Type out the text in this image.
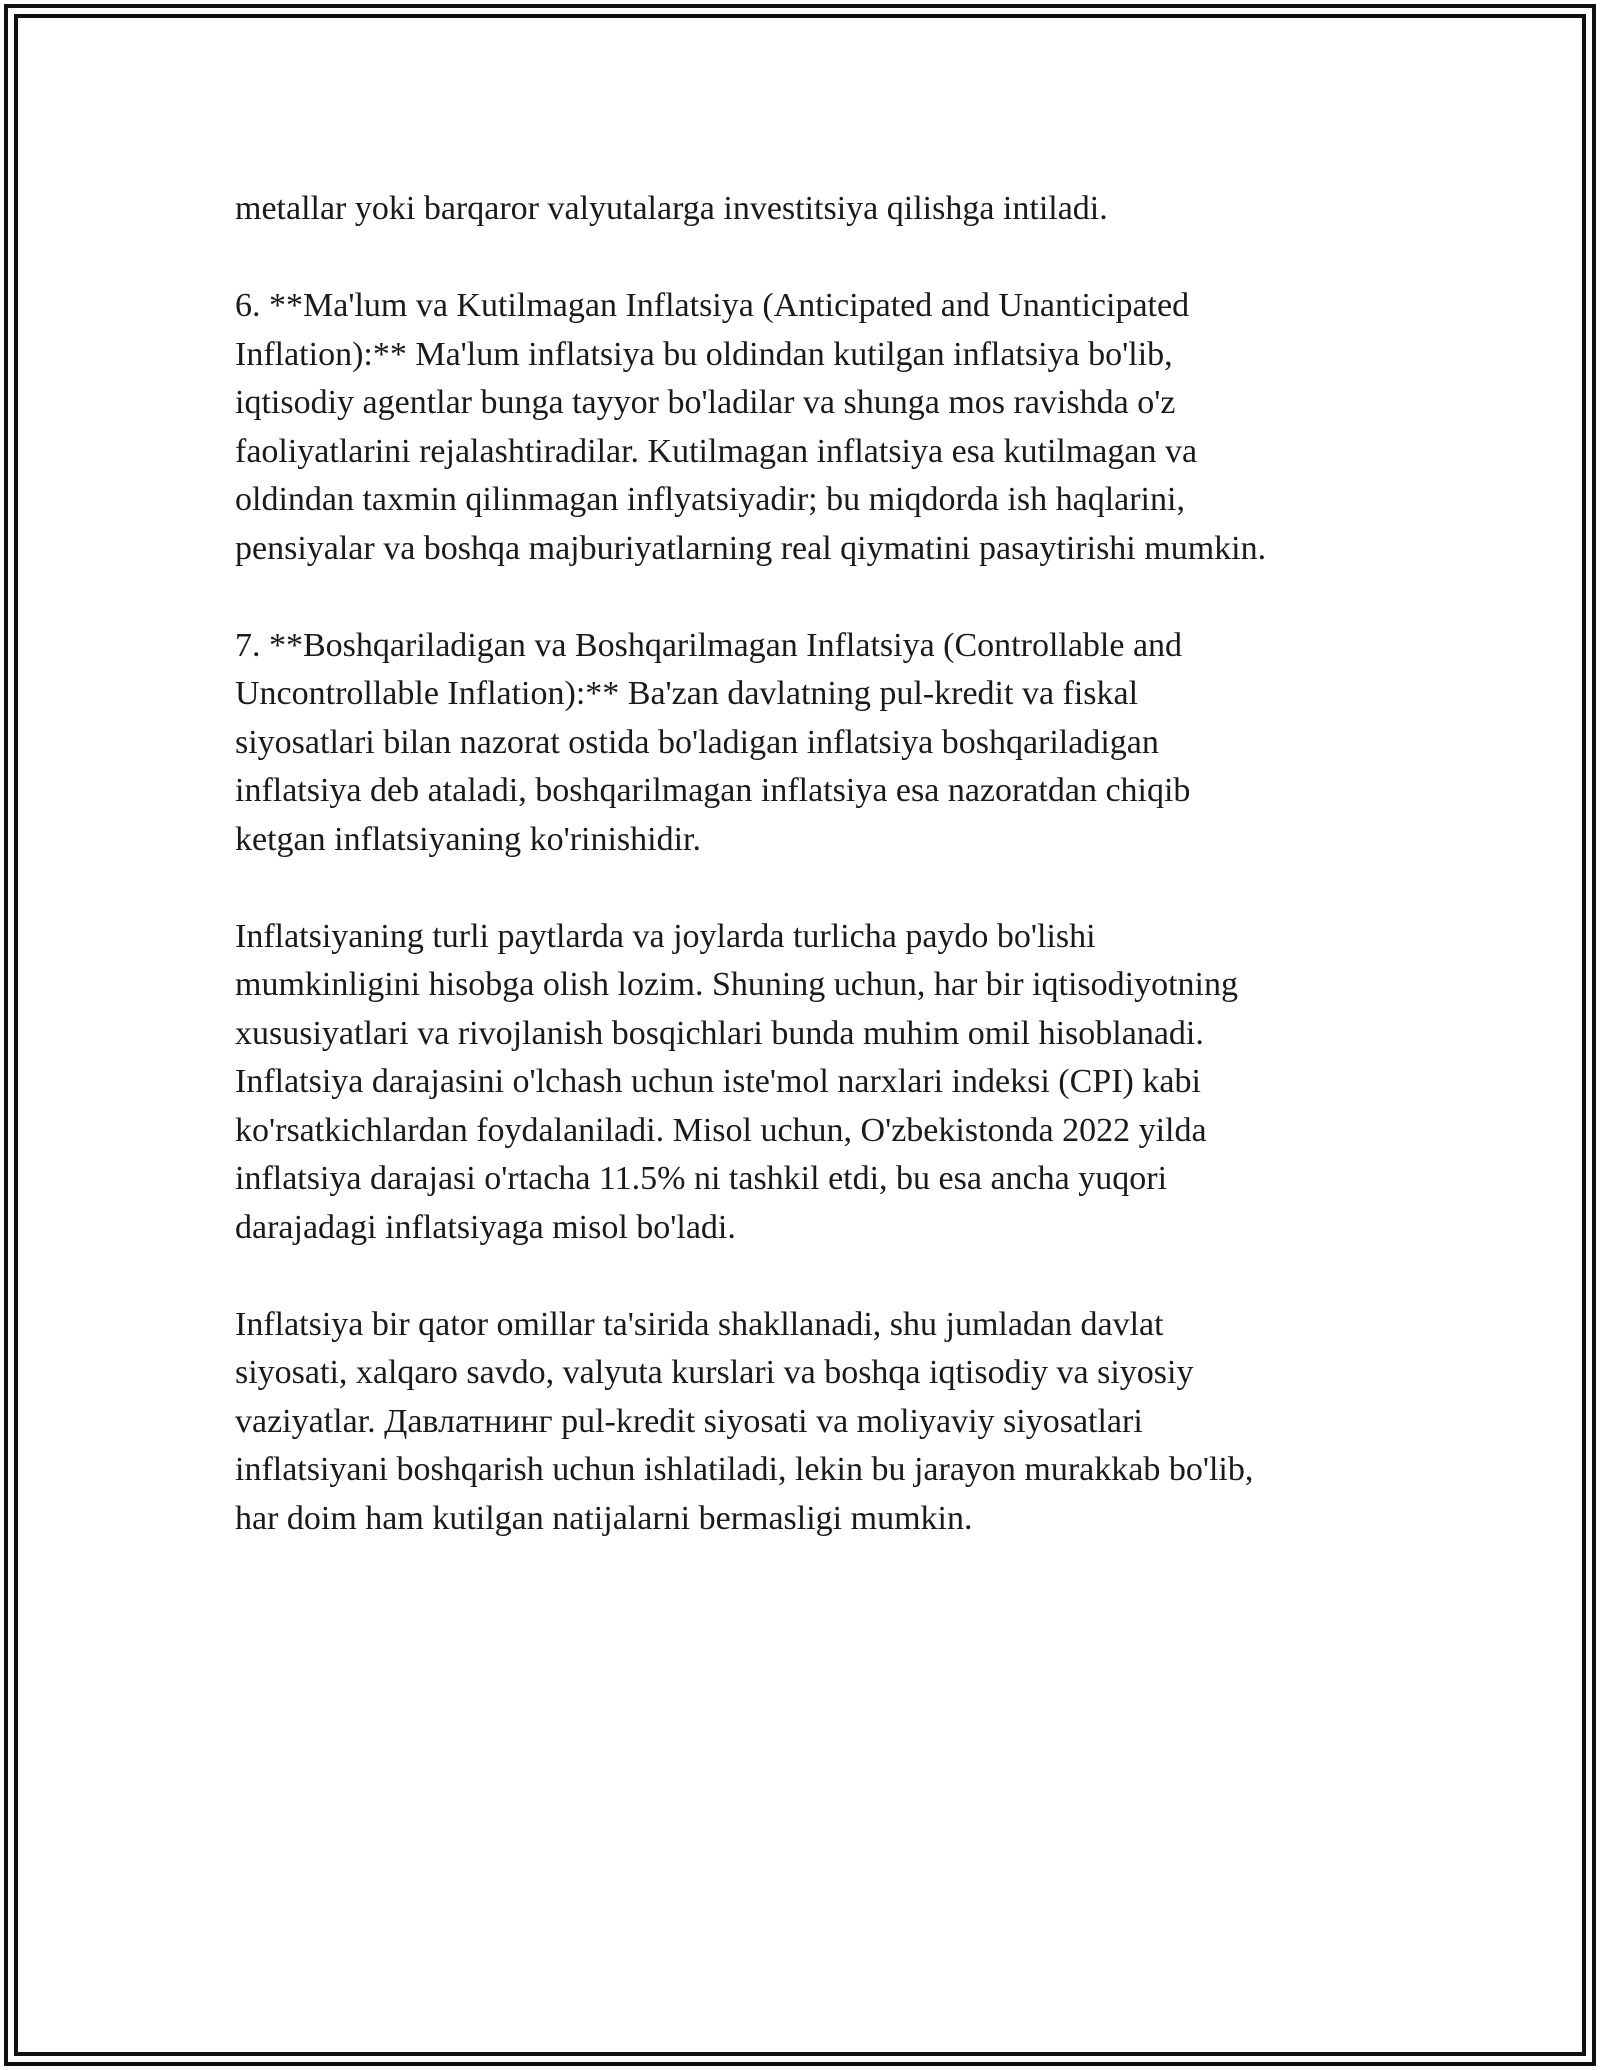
metallar yoki barqaror valyutalarga investitsiya qilishga intiladi.

6. **Ma'lum va Kutilmagan Inflatsiya (Anticipated and Unanticipated
Inflation):** Ma'lum inflatsiya bu oldindan kutilgan inflatsiya bo'lib,
iqtisodiy agentlar bunga tayyor bo'ladilar va shunga mos ravishda o'z
faoliyatlarini rejalashtiradilar. Kutilmagan inflatsiya esa kutilmagan va
oldindan taxmin qilinmagan inflyatsiyadir; bu miqdorda ish haqlarini,
pensiyalar va boshqa majburiyatlarning real qiymatini pasaytirishi mumkin.

7. **Boshqariladigan va Boshqarilmagan Inflatsiya (Controllable and
Uncontrollable Inflation):** Ba'zan davlatning pul-kredit va fiskal
siyosatlari bilan nazorat ostida bo'ladigan inflatsiya boshqariladigan
inflatsiya deb ataladi, boshqarilmagan inflatsiya esa nazoratdan chiqib
ketgan inflatsiyaning ko'rinishidir.

Inflatsiyaning turli paytlarda va joylarda turlicha paydo bo'lishi
mumkinligini hisobga olish lozim. Shuning uchun, har bir iqtisodiyotning
xususiyatlari va rivojlanish bosqichlari bunda muhim omil hisoblanadi.
Inflatsiya darajasini o'lchash uchun iste'mol narxlari indeksi (CPI) kabi
ko'rsatkichlardan foydalaniladi. Misol uchun, O'zbekistonda 2022 yilda
inflatsiya darajasi o'rtacha 11.5% ni tashkil etdi, bu esa ancha yuqori
darajadagi inflatsiyaga misol bo'ladi.

Inflatsiya bir qator omillar ta'sirida shakllanadi, shu jumladan davlat
siyosati, xalqaro savdo, valyuta kurslari va boshqa iqtisodiy va siyosiy
vaziyatlar. Давлатнинг pul-kredit siyosati va moliyaviy siyosatlari
inflatsiyani boshqarish uchun ishlatiladi, lekin bu jarayon murakkab bo'lib,
har doim ham kutilgan natijalarni bermasligi mumkin.
